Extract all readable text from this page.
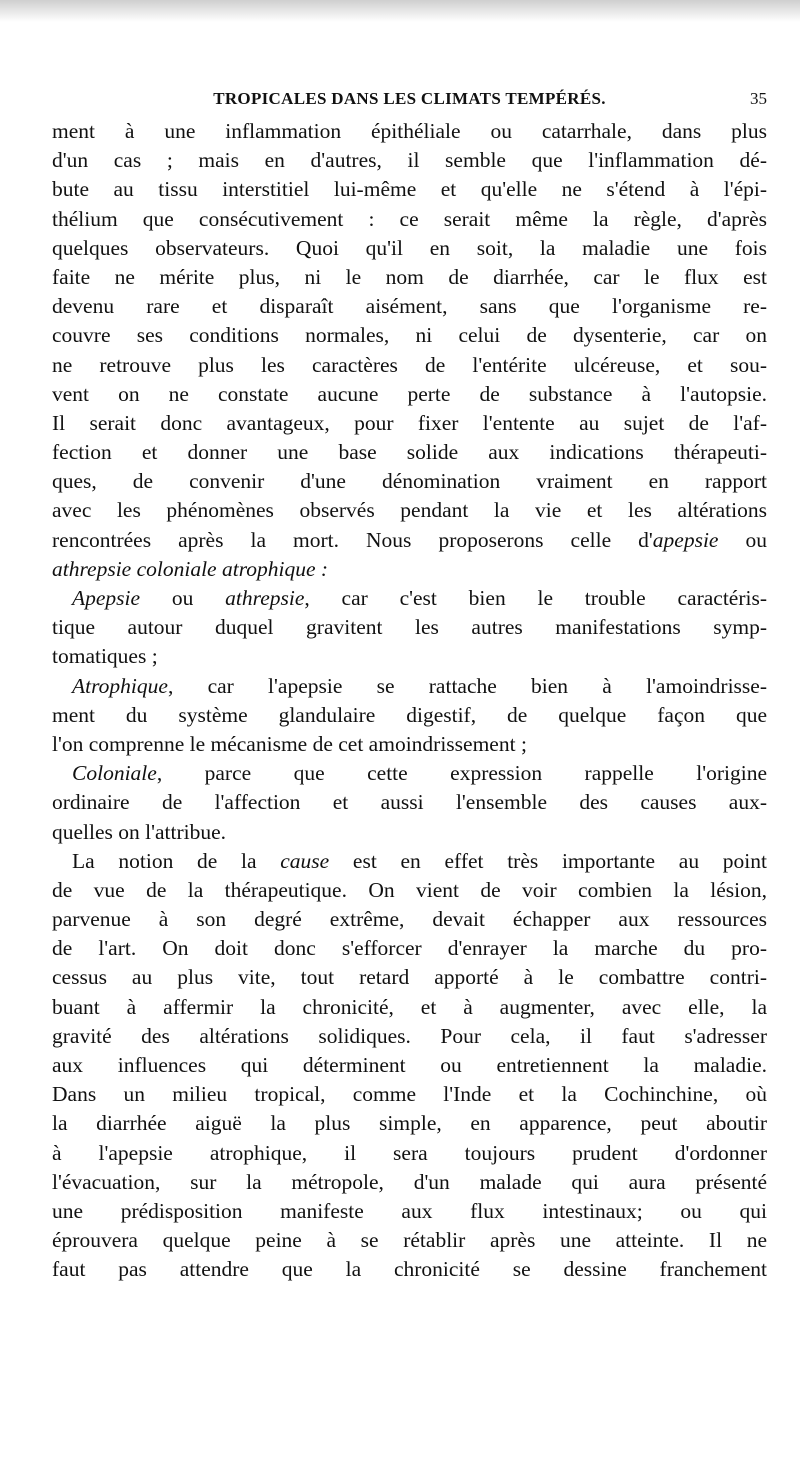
TROPICALES DANS LES CLIMATS TEMPÉRÉS.	35
ment à une inflammation épithéliale ou catarrhale, dans plus
d'un cas ; mais en d'autres, il semble que l'inflammation dé-
bute au tissu interstitiel lui-même et qu'elle ne s'étend à l'épi-
thélium que consécutivement : ce serait même la règle, d'après
quelques observateurs. Quoi qu'il en soit, la maladie une fois
faite ne mérite plus, ni le nom de diarrhée, car le flux est
devenu rare et disparaît aisément, sans que l'organisme re-
couvre ses conditions normales, ni celui de dysenterie, car on
ne retrouve plus les caractères de l'entérite ulcéreuse, et sou-
vent on ne constate aucune perte de substance à l'autopsie.
Il serait donc avantageux, pour fixer l'entente au sujet de l'af-
fection et donner une base solide aux indications thérapeuti-
ques, de convenir d'une dénomination vraiment en rapport
avec les phénomènes observés pendant la vie et les altérations
rencontrées après la mort. Nous proposerons celle d'apepsie ou
athrepsie coloniale atrophique :
Apepsie ou athrepsie, car c'est bien le trouble caractéris-
tique autour duquel gravitent les autres manifestations symp-
tomatiques ;
Atrophique, car l'apepsie se rattache bien à l'amoindrisse-
ment du système glandulaire digestif, de quelque façon que
l'on comprenne le mécanisme de cet amoindrissement ;
Coloniale, parce que cette expression rappelle l'origine
ordinaire de l'affection et aussi l'ensemble des causes aux-
quelles on l'attribue.
La notion de la cause est en effet très importante au point
de vue de la thérapeutique. On vient de voir combien la lésion,
parvenue à son degré extrême, devait échapper aux ressources
de l'art. On doit donc s'efforcer d'enrayer la marche du pro-
cessus au plus vite, tout retard apporté à le combattre contri-
buant à affermir la chronicité, et à augmenter, avec elle, la
gravité des altérations solidiques. Pour cela, il faut s'adresser
aux influences qui déterminent ou entretiennent la maladie.
Dans un milieu tropical, comme l'Inde et la Cochinchine, où
la diarrhée aiguë la plus simple, en apparence, peut aboutir
à l'apepsie atrophique, il sera toujours prudent d'ordonner
l'évacuation, sur la métropole, d'un malade qui aura présenté
une prédisposition manifeste aux flux intestinaux; ou qui
éprouvera quelque peine à se rétablir après une atteinte. Il ne
faut pas attendre que la chronicité se dessine franchement
